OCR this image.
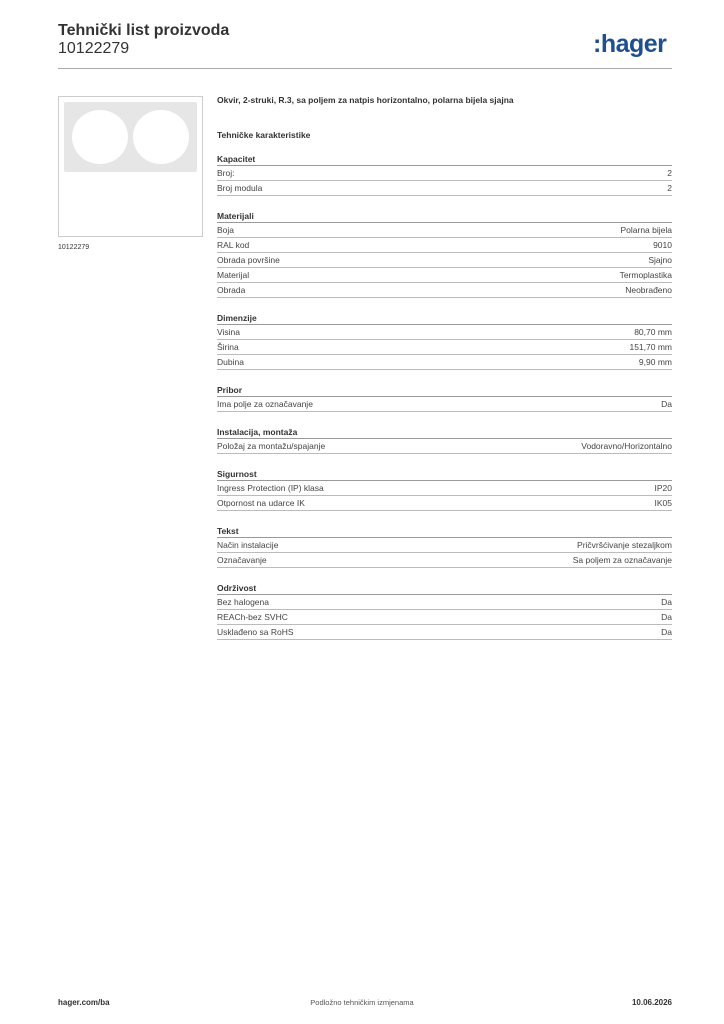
Tehnički list proizvoda
10122279	:hager
10122279
Okvir, 2-struki, R.3, sa poljem za natpis horizontalno, polarna bijela sjajna
Tehničke karakteristike
Kapacitet
Broj:	2
Broj modula	2
Materijali
Boja	Polarna bijela
RAL kod	9010
Obrada površine	Sjajno
Materijal	Termoplastika
Obrada	Neobrađeno
Dimenzije
Visina	80,70 mm
Širina	151,70 mm
Dubina	9,90 mm
Pribor
Ima polje za označavanje	Da
Instalacija, montaža
Položaj za montažu/spajanje	Vodoravno/Horizontalno
Sigurnost
Ingress Protection (IP) klasa	IP20
Otpornost na udarce IK	IK05
Tekst
Način instalacije	Pričvršćivanje stezaljkom
Označavanje	Sa poljem za označavanje
Održivost
Bez halogena	Da
REACh-bez SVHC	Da
Usklađeno sa RoHS	Da
hager.com/ba	Podložno tehničkim izmjenama	10.06.2026
